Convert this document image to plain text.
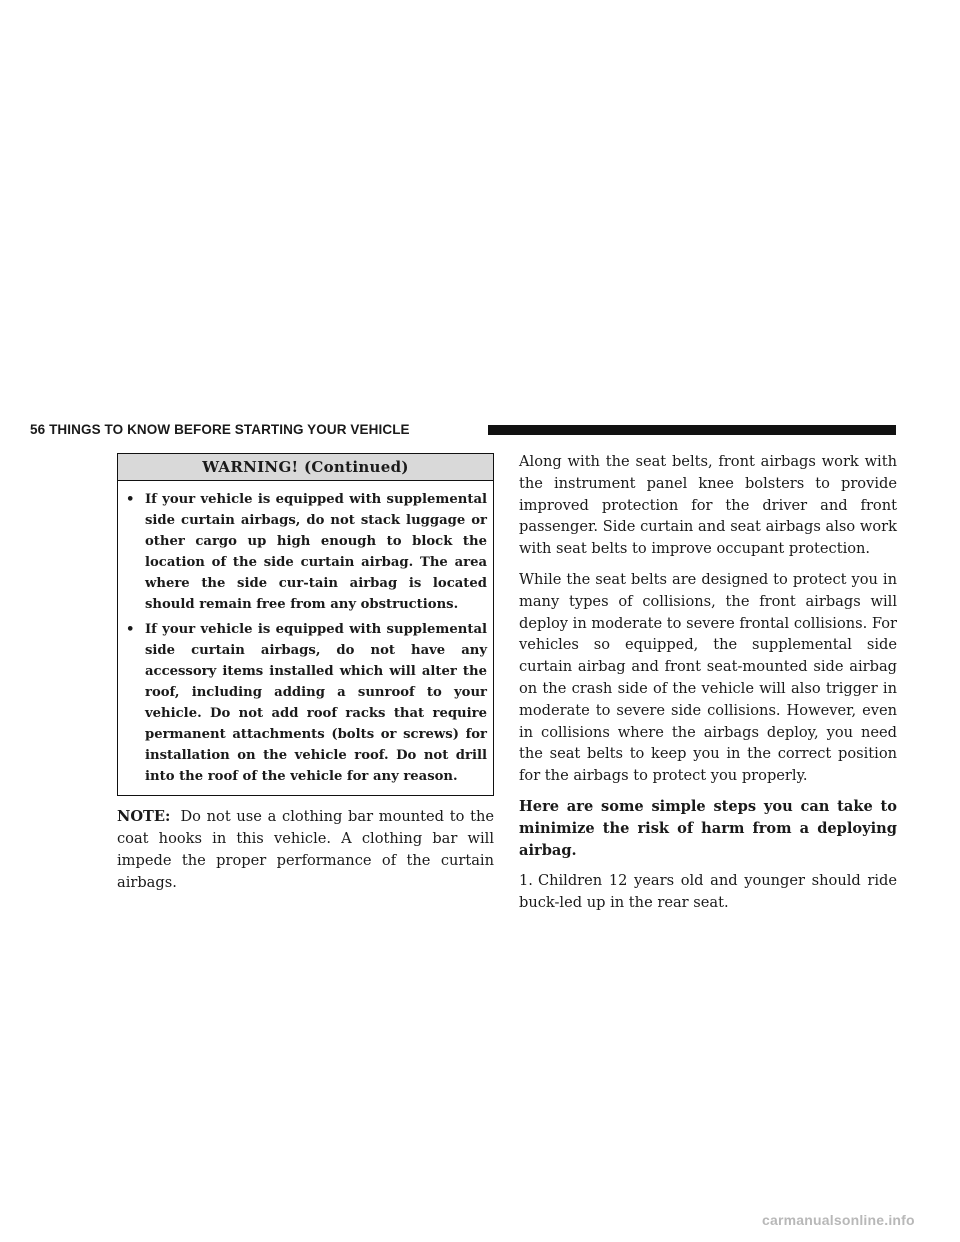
56 THINGS TO KNOW BEFORE STARTING YOUR VEHICLE
WARNING! (Continued)
• If your vehicle is equipped with supplemental side curtain airbags, do not stack luggage or other cargo up high enough to block the location of the side curtain airbag. The area where the side cur-tain airbag is located should remain free from any obstructions.
• If your vehicle is equipped with supplemental side curtain airbags, do not have any accessory items installed which will alter the roof, including adding a sunroof to your vehicle. Do not add roof racks that require permanent attachments (bolts or screws) for installation on the vehicle roof. Do not drill into the roof of the vehicle for any reason.

NOTE: Do not use a clothing bar mounted to the coat hooks in this vehicle. A clothing bar will impede the proper performance of the curtain airbags.

Along with the seat belts, front airbags work with the instrument panel knee bolsters to provide improved protection for the driver and front passenger. Side curtain and seat airbags also work with seat belts to improve occupant protection.

While the seat belts are designed to protect you in many types of collisions, the front airbags will deploy in moderate to severe frontal collisions. For vehicles so equipped, the supplemental side curtain airbag and front seat-mounted side airbag on the crash side of the vehicle will also trigger in moderate to severe side collisions. However, even in collisions where the airbags deploy, you need the seat belts to keep you in the correct position for the airbags to protect you properly.

Here are some simple steps you can take to minimize the risk of harm from a deploying airbag.

1. Children 12 years old and younger should ride buck-led up in the rear seat.

carmanualsonline.info
